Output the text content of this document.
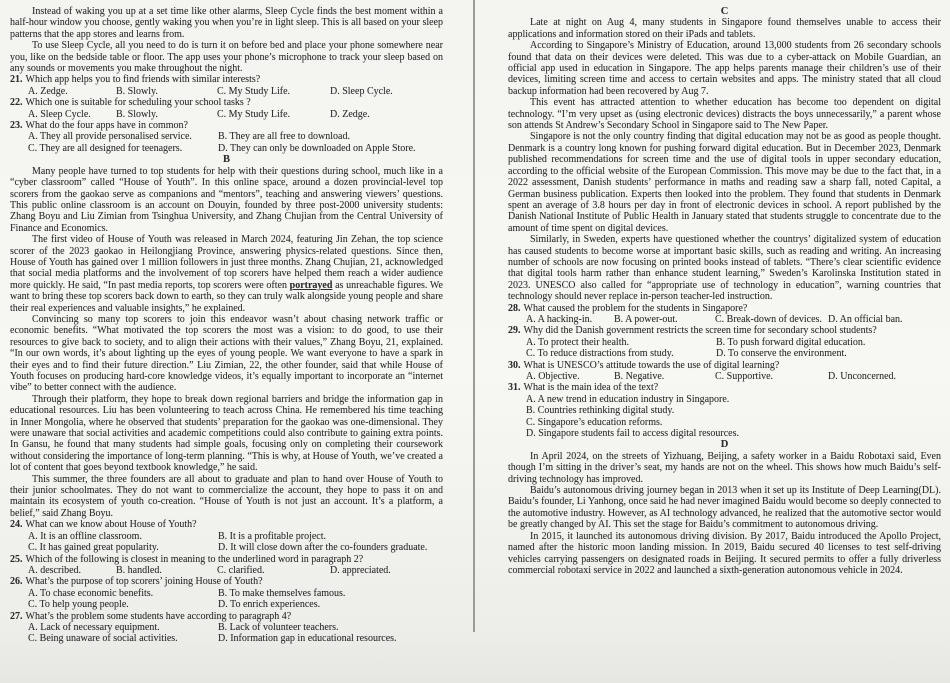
Instead of waking you up at a set time like other alarms, Sleep Cycle finds the best moment within a half-hour window you choose, gently waking you when you’re in light sleep. This is all based on your sleep patterns that the app stores and learns from.
To use Sleep Cycle, all you need to do is turn it on before bed and place your phone somewhere near you, like on the bedside table or floor. The app uses your phone’s microphone to track your sleep based on any sounds or movements you make throughout the night.
21. Which app helps you to find friends with similar interests?
A. Zedge.	B. Slowly.	C. My Study Life.	D. Sleep Cycle.
22. Which one is suitable for scheduling your school tasks ?
A. Sleep Cycle.	B. Slowly.	C. My Study Life.	D. Zedge.
23. What do the four apps have in common?
A. They all provide personalised service.	B. They are all free to download.
C. They are all designed for teenagers.	D. They can only be downloaded on Apple Store.
B
Many people have turned to top students for help with their questions during school, much like in a “cyber classroom” called “House of Youth”. In this online space, around a dozen provincial-level top scorers from the gaokao serve as companions and “mentors”, teaching and answering viewers’ questions. This public online classroom is an account on Douyin, founded by three post-2000 university students: Zhang Boyu and Liu Zimian from Tsinghua University, and Zhang Chujian from the Central University of Finance and Economics.
The first video of House of Youth was released in March 2024, featuring Jin Zehan, the top science scorer of the 2023 gaokao in Heilongjiang Province, answering physics-related questions. Since then, House of Youth has gained over 1 million followers in just three months. Zhang Chujian, 21, acknowledged that social media platforms and the involvement of top scorers have helped them reach a wider audience more quickly. He said, “In past media reports, top scorers were often portrayed as unreachable figures. We want to bring these top scorers back down to earth, so they can truly walk alongside young people and share their real experiences and valuable insights,” he explained.
Convincing so many top scorers to join this endeavor wasn’t about chasing network traffic or economic benefits. “What motivated the top scorers the most was a vision: to do good, to use their resources to give back to society, and to align their actions with their values,” Zhang Boyu, 21, explained. “In our own words, it’s about lighting up the eyes of young people. We want everyone to have a spark in their eyes and to find their future direction.” Liu Zimian, 22, the other founder, said that while House of Youth focuses on producing hard-core knowledge videos, it’s equally important to incorporate an “internet vibe” to better connect with the audience.
Through their platform, they hope to break down regional barriers and bridge the information gap in educational resources. Liu has been volunteering to teach across China. He remembered his time teaching in Inner Mongolia, where he observed that students’ preparation for the gaokao was one-dimensional. They were unaware that social activities and academic competitions could also contribute to gaining extra points. In Gansu, he found that many students had simple goals, focusing only on completing their coursework without considering the importance of long-term planning. “This is why, at House of Youth, we’ve created a lot of content that goes beyond textbook knowledge,” he said.
This summer, the three founders are all about to graduate and plan to hand over House of Youth to their junior schoolmates. They do not want to commercialize the account, they hope to pass it on and maintain its ecosystem of youth co-creation. “House of Youth is not just an account. It’s a platform, a belief,” said Zhang Boyu.
24. What can we know about House of Youth?
A. It is an offline classroom.	B. It is a profitable project.
C. It has gained great popularity.	D. It will close down after the co-founders graduate.
25. Which of the following is closest in meaning to the underlined word in paragraph 2?
A. described.	B. handled.	C. clarified.	D. appreciated.
26. What’s the purpose of top scorers’ joining House of Youth?
A. To chase economic benefits.	B. To make themselves famous.
C. To help young people.	D. To enrich experiences.
27. What’s the problem some students have according to paragraph 4?
A. Lack of necessary equipment.	B. Lack of volunteer teachers.
C. Being unaware of social activities.	D. Information gap in educational resources.
C
Late at night on Aug 4, many students in Singapore found themselves unable to access their applications and information stored on their iPads and tablets.
According to Singapore’s Ministry of Education, around 13,000 students from 26 secondary schools found that data on their devices were deleted. This was due to a cyber-attack on Mobile Guardian, an official app used in education in Singapore. The app helps parents manage their children’s use of their devices, limiting screen time and access to certain websites and apps. The ministry stated that all cloud backup information had been recovered by Aug 7.
This event has attracted attention to whether education has become too dependent on digital technology. “I’m very upset as (using electronic devices) distracts the boys unnecessarily,” a parent whose son attends St Andrew’s Secondary School in Singapore said to The New Paper.
Singapore is not the only country finding that digital education may not be as good as people thought. Denmark is a country long known for pushing forward digital education. But in December 2023, Denmark published recommendations for screen time and the use of digital tools in upper secondary education, according to the official website of the European Commission. This move may be due to the fact that, in a 2022 assessment, Danish students’ performance in maths and reading saw a sharp fall, noted Capital, a German business publication. Experts then looked into the problem. They found that students in Denmark spent an average of 3.8 hours per day in front of electronic devices in school. A report published by the Danish National Institute of Public Health in January stated that students struggle to concentrate due to the amount of time spent on digital devices.
Similarly, in Sweden, experts have questioned whether the countrys’ digitalized system of education has caused students to become worse at important basic skills, such as reading and writing. An increasing number of schools are now focusing on printed books instead of tablets. “There’s clear scientific evidence that digital tools harm rather than enhance student learning,” Sweden’s Karolinska Institution stated in 2023. UNESCO also called for “appropriate use of technology in education”, warning countries that technology should never replace in-person teacher-led instruction.
28. What caused the problem for the students in Singapore?
A. A hacking-in.	B. A power-out.	C. Break-down of devices. D. An official ban.
29. Why did the Danish government restricts the screen time for secondary school students?
A. To protect their health.	B. To push forward digital education.
C. To reduce distractions from study.	D. To conserve the environment.
30. What is UNESCO’s attitude towards the use of digital learning?
A. Objective.	B. Negative.	C. Supportive.	D. Unconcerned.
31. What is the main idea of the text?
A. A new trend in education industry in Singapore.
B. Countries rethinking digital study.
C. Singapore’s education reforms.
D. Singapore students fail to access digital resources.
D
In April 2024, on the streets of Yizhuang, Beijing, a safety worker in a Baidu Robotaxi said, Even though I’m sitting in the driver’s seat, my hands are not on the wheel. This shows how much Baidu’s self-driving technology has improved.
Baidu’s autonomous driving journey began in 2013 when it set up its Institute of Deep Learning(DL). Baidu’s founder, Li Yanhong, once said he had never imagined Baidu would become so deeply connected to the automotive industry. However, as AI technology advanced, he realized that the automotive sector would be greatly changed by AI. This set the stage for Baidu’s commitment to autonomous driving.
In 2015, it launched its autonomous driving division. By 2017, Baidu introduced the Apollo Project, named after the historic moon landing mission. In 2019, Baidu secured 40 licenses to test self-driving vehicles carrying passengers on designated roads in Beijing. It secured permits to offer a fully driverless commercial robotaxi service in 2022 and launched a sixth-generation autonomous vehicle in 2024.
